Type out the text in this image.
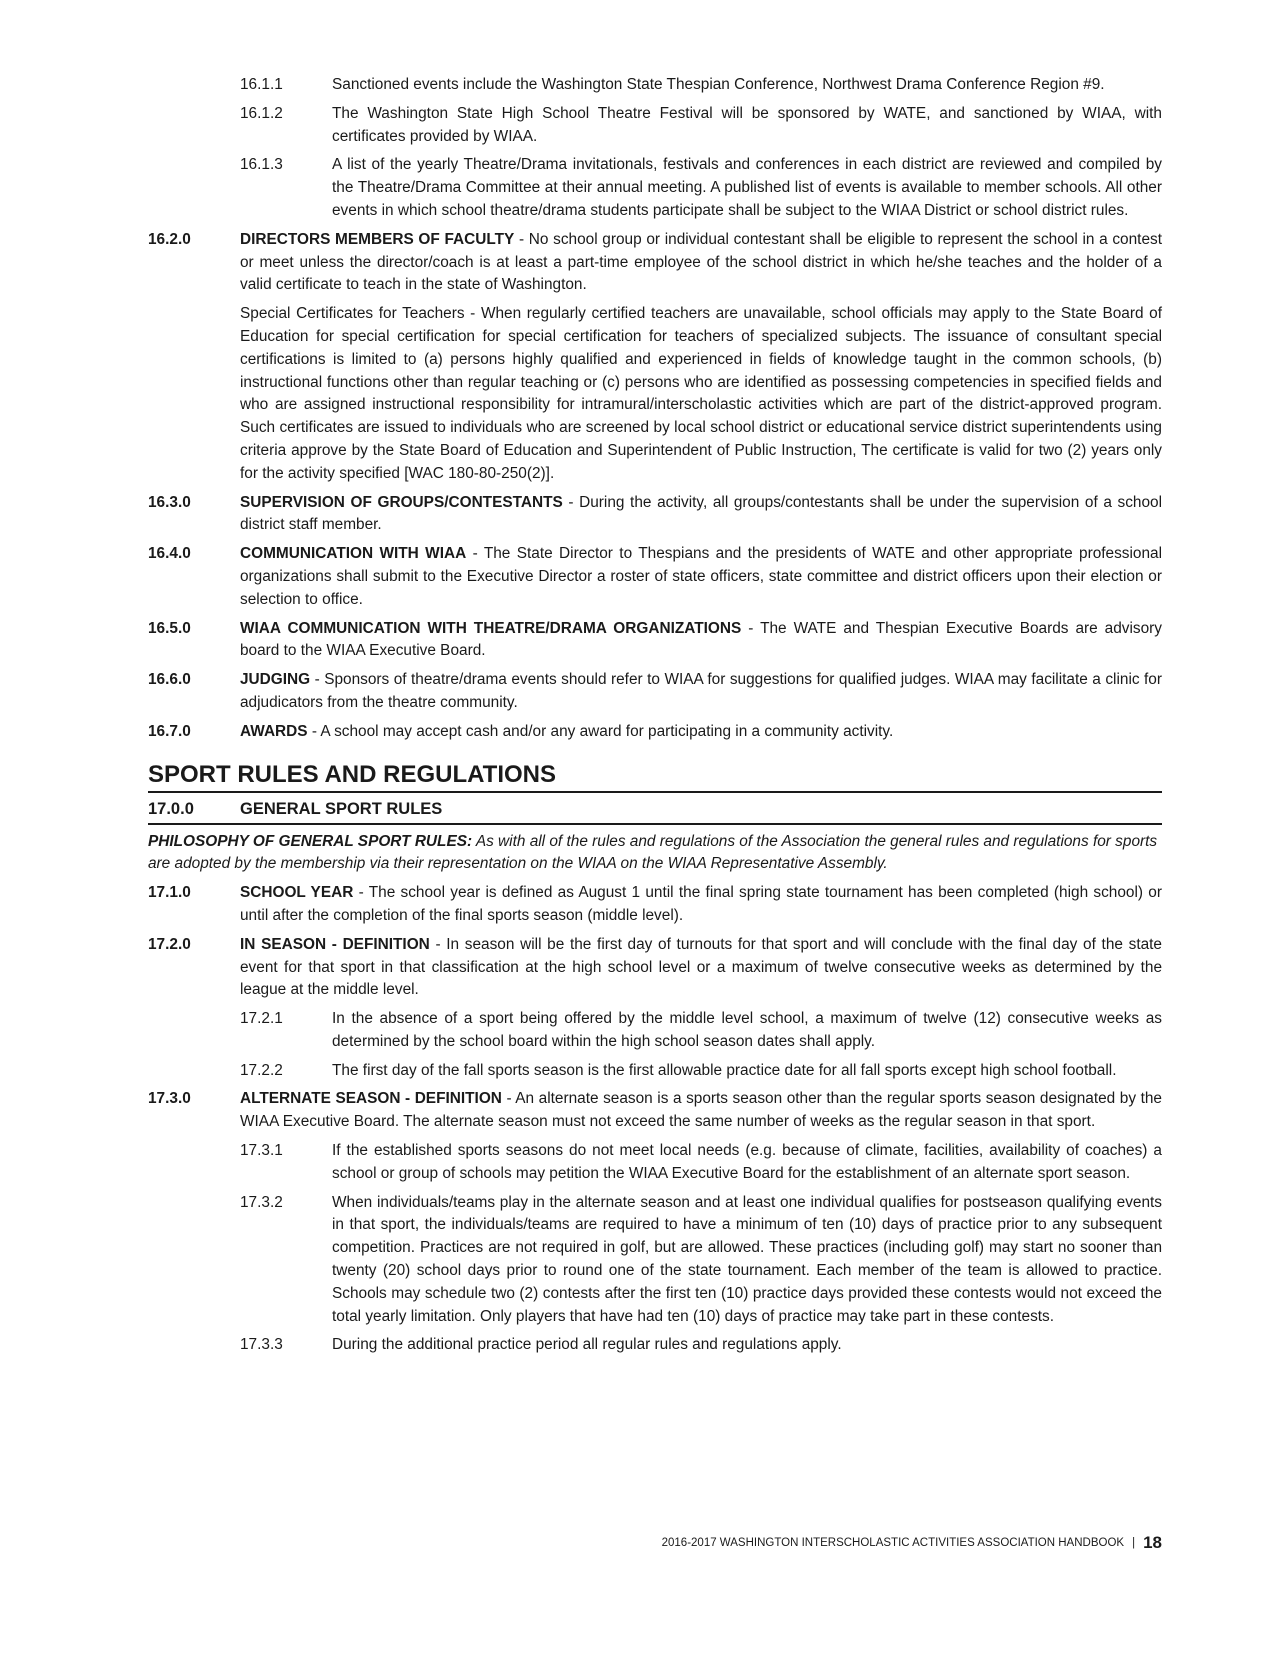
16.1.1	Sanctioned events include the Washington State Thespian Conference, Northwest Drama Conference Region #9.
16.1.2	The Washington State High School Theatre Festival will be sponsored by WATE, and sanctioned by WIAA, with certificates provided by WIAA.
16.1.3	A list of the yearly Theatre/Drama invitationals, festivals and conferences in each district are reviewed and compiled by the Theatre/Drama Committee at their annual meeting. A published list of events is available to member schools. All other events in which school theatre/drama students participate shall be subject to the WIAA District or school district rules.
16.2.0	DIRECTORS MEMBERS OF FACULTY - No school group or individual contestant shall be eligible to represent the school in a contest or meet unless the director/coach is at least a part-time employee of the school district in which he/she teaches and the holder of a valid certificate to teach in the state of Washington.
Special Certificates for Teachers - When regularly certified teachers are unavailable, school officials may apply to the State Board of Education for special certification for special certification for teachers of specialized subjects. The issuance of consultant special certifications is limited to (a) persons highly qualified and experienced in fields of knowledge taught in the common schools, (b) instructional functions other than regular teaching or (c) persons who are identified as possessing competencies in specified fields and who are assigned instructional responsibility for intramural/interscholastic activities which are part of the district-approved program. Such certificates are issued to individuals who are screened by local school district or educational service district superintendents using criteria approve by the State Board of Education and Superintendent of Public Instruction, The certificate is valid for two (2) years only for the activity specified [WAC 180-80-250(2)].
16.3.0	SUPERVISION OF GROUPS/CONTESTANTS - During the activity, all groups/contestants shall be under the supervision of a school district staff member.
16.4.0	COMMUNICATION WITH WIAA - The State Director to Thespians and the presidents of WATE and other appropriate professional organizations shall submit to the Executive Director a roster of state officers, state committee and district officers upon their election or selection to office.
16.5.0	WIAA COMMUNICATION WITH THEATRE/DRAMA ORGANIZATIONS - The WATE and Thespian Executive Boards are advisory board to the WIAA Executive Board.
16.6.0	JUDGING - Sponsors of theatre/drama events should refer to WIAA for suggestions for qualified judges. WIAA may facilitate a clinic for adjudicators from the theatre community.
16.7.0	AWARDS - A school may accept cash and/or any award for participating in a community activity.
SPORT RULES AND REGULATIONS
17.0.0	GENERAL SPORT RULES
PHILOSOPHY OF GENERAL SPORT RULES: As with all of the rules and regulations of the Association the general rules and regulations for sports are adopted by the membership via their representation on the WIAA on the WIAA Representative Assembly.
17.1.0	SCHOOL YEAR - The school year is defined as August 1 until the final spring state tournament has been completed (high school) or until after the completion of the final sports season (middle level).
17.2.0	IN SEASON - DEFINITION - In season will be the first day of turnouts for that sport and will conclude with the final day of the state event for that sport in that classification at the high school level or a maximum of twelve consecutive weeks as determined by the league at the middle level.
17.2.1	In the absence of a sport being offered by the middle level school, a maximum of twelve (12) consecutive weeks as determined by the school board within the high school season dates shall apply.
17.2.2	The first day of the fall sports season is the first allowable practice date for all fall sports except high school football.
17.3.0	ALTERNATE SEASON - DEFINITION - An alternate season is a sports season other than the regular sports season designated by the WIAA Executive Board. The alternate season must not exceed the same number of weeks as the regular season in that sport.
17.3.1	If the established sports seasons do not meet local needs (e.g. because of climate, facilities, availability of coaches) a school or group of schools may petition the WIAA Executive Board for the establishment of an alternate sport season.
17.3.2	When individuals/teams play in the alternate season and at least one individual qualifies for postseason qualifying events in that sport, the individuals/teams are required to have a minimum of ten (10) days of practice prior to any subsequent competition. Practices are not required in golf, but are allowed. These practices (including golf) may start no sooner than twenty (20) school days prior to round one of the state tournament. Each member of the team is allowed to practice. Schools may schedule two (2) contests after the first ten (10) practice days provided these contests would not exceed the total yearly limitation. Only players that have had ten (10) days of practice may take part in these contests.
17.3.3	During the additional practice period all regular rules and regulations apply.
2016-2017 WASHINGTON INTERSCHOLASTIC ACTIVITIES ASSOCIATION HANDBOOK | 18
